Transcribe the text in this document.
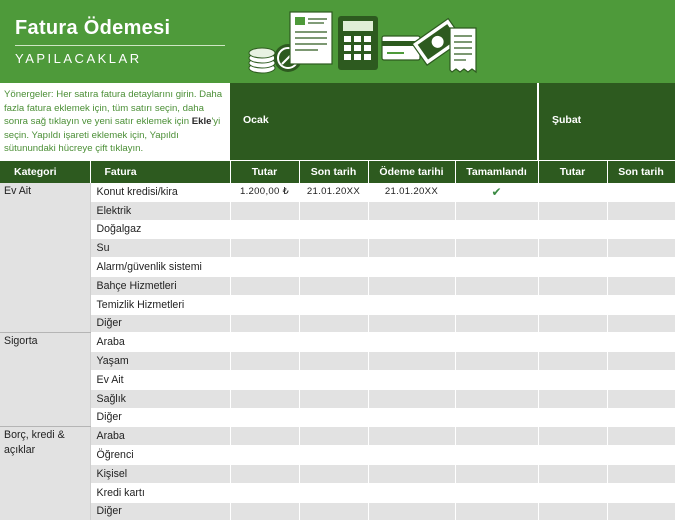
Fatura Ödemesi
YAPILACAKLAR
Yönergeler: Her satıra fatura detaylarını girin. Daha fazla fatura eklemek için, tüm satırı seçin, daha sonra sağ tıklayın ve yeni satır eklemek için Ekle'yi seçin. Yapıldı işareti eklemek için, Yapıldı sütunundaki hücreye çift tıklayın.
Ocak	Şubat
Kategori	Fatura	Tutar	Son tarih	Ödeme tarihi	Tamamlandı	Tutar	Son tarih
Ev Ait	Konut kredisi/kira	1.200,00 ₺	21.01.20XX	21.01.20XX	✔		
	Elektrik						
	Doğalgaz						
	Su						
	Alarm/güvenlik sistemi						
	Bahçe Hizmetleri						
	Temizlik Hizmetleri						
	Diğer						
Sigorta	Araba						
	Yaşam						
	Ev Ait						
	Sağlık						
	Diğer						
Borç, kredi & açıklar	Araba						
	Öğrenci						
	Kişisel						
	Kredi kartı						
	Diğer						
